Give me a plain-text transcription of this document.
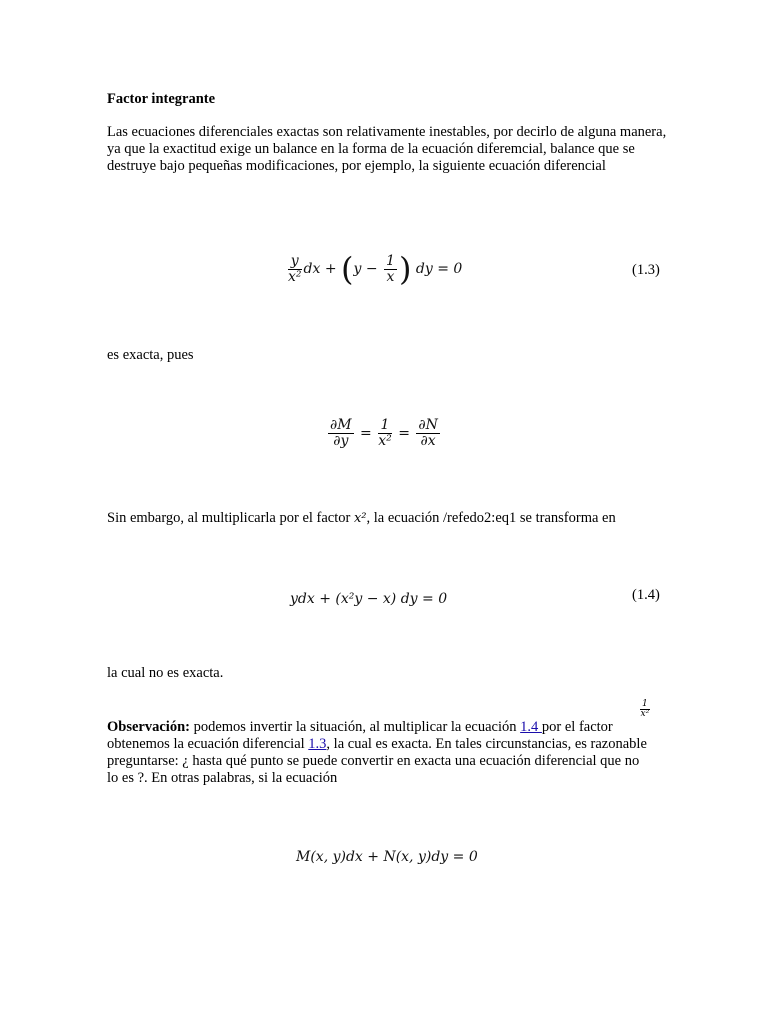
Factor integrante
Las ecuaciones diferenciales exactas son relativamente inestables, por decirlo de alguna manera, ya que la exactitud exige un balance en la forma de la ecuación diferemcial, balance que se destruye bajo pequeñas modificaciones, por ejemplo, la siguiente ecuación diferencial
$\frac{y}{\text{x²}}$ dx + ($y - \frac{1}{x}$ ) dy = 0	(1.3)
es exacta, pues
$\frac{\partial M}{\partial y} = \frac{1}{\text{x²}} = \frac{\partial N}{\partial x}$
Sin embargo, al multiplicarla por el factor x², la ecuación /refedo2:eq1 se transforma en
ydx + (x²y − x) dy = 0	(1.4)
la cual no es exacta.
$\frac{1}{\text{x²}}$
Observación: podemos invertir la situación, al multiplicar la ecuación 1.4 por el factor obtenemos la ecuación diferencial 1.3, la cual es exacta. En tales circunstancias, es razonable preguntarse: ¿ hasta qué punto se puede convertir en exacta una ecuación diferencial que no lo es ?. En otras palabras, si la ecuación
M(x, y)dx + N(x, y)dy = 0
